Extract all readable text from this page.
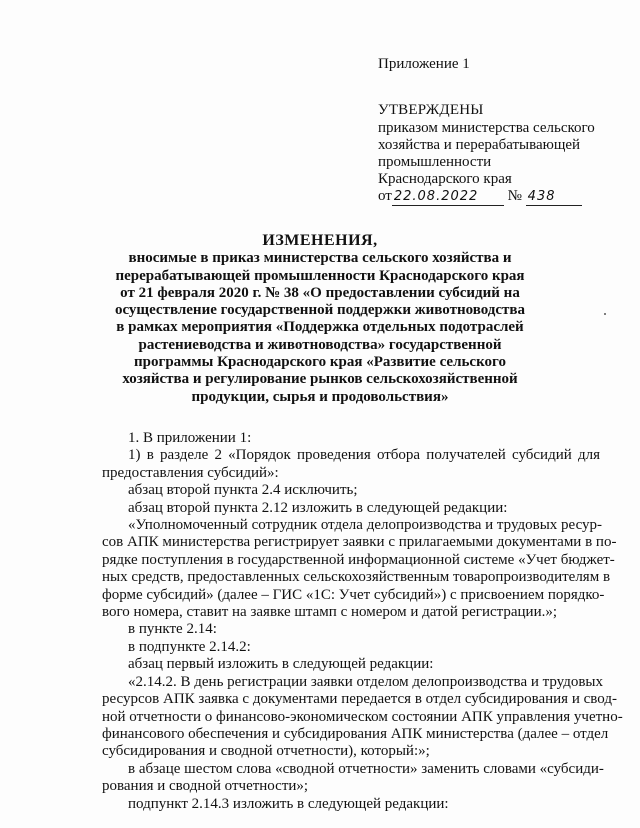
Приложение 1
УТВЕРЖДЕНЫ
приказом министерства сельского
хозяйства и перерабатывающей
промышленности
Краснодарского края
от 22.08.2022 № 438
ИЗМЕНЕНИЯ,
вносимые в приказ министерства сельского хозяйства и
перерабатывающей промышленности Краснодарского края
от 21 февраля 2020 г. № 38 «О предоставлении субсидий на
осуществление государственной поддержки животноводства
в рамках мероприятия «Поддержка отдельных подотраслей
растениеводства и животноводства» государственной
программы Краснодарского края «Развитие сельского
хозяйства и регулирование рынков сельскохозяйственной
продукции, сырья и продовольствия»
1. В приложении 1:
1) в разделе 2 «Порядок проведения отбора получателей субсидий для
предоставления субсидий»:
абзац второй пункта 2.4 исключить;
абзац второй пункта 2.12 изложить в следующей редакции:
«Уполномоченный сотрудник отдела делопроизводства и трудовых ресур-
сов АПК министерства регистрирует заявки с прилагаемыми документами в по-
рядке поступления в государственной информационной системе «Учет бюджет-
ных средств, предоставленных сельскохозяйственным товаропроизводителям в
форме субсидий» (далее – ГИС «1С: Учет субсидий») с присвоением порядко-
вого номера, ставит на заявке штамп с номером и датой регистрации.»;
в пункте 2.14:
в подпункте 2.14.2:
абзац первый изложить в следующей редакции:
«2.14.2. В день регистрации заявки отделом делопроизводства и трудовых
ресурсов АПК заявка с документами передается в отдел субсидирования и свод-
ной отчетности о финансово-экономическом состоянии АПК управления учетно-
финансового обеспечения и субсидирования АПК министерства (далее – отдел
субсидирования и сводной отчетности), который:»;
в абзаце шестом слова «сводной отчетности» заменить словами «субсиди-
рования и сводной отчетности»;
подпункт 2.14.3 изложить в следующей редакции:
